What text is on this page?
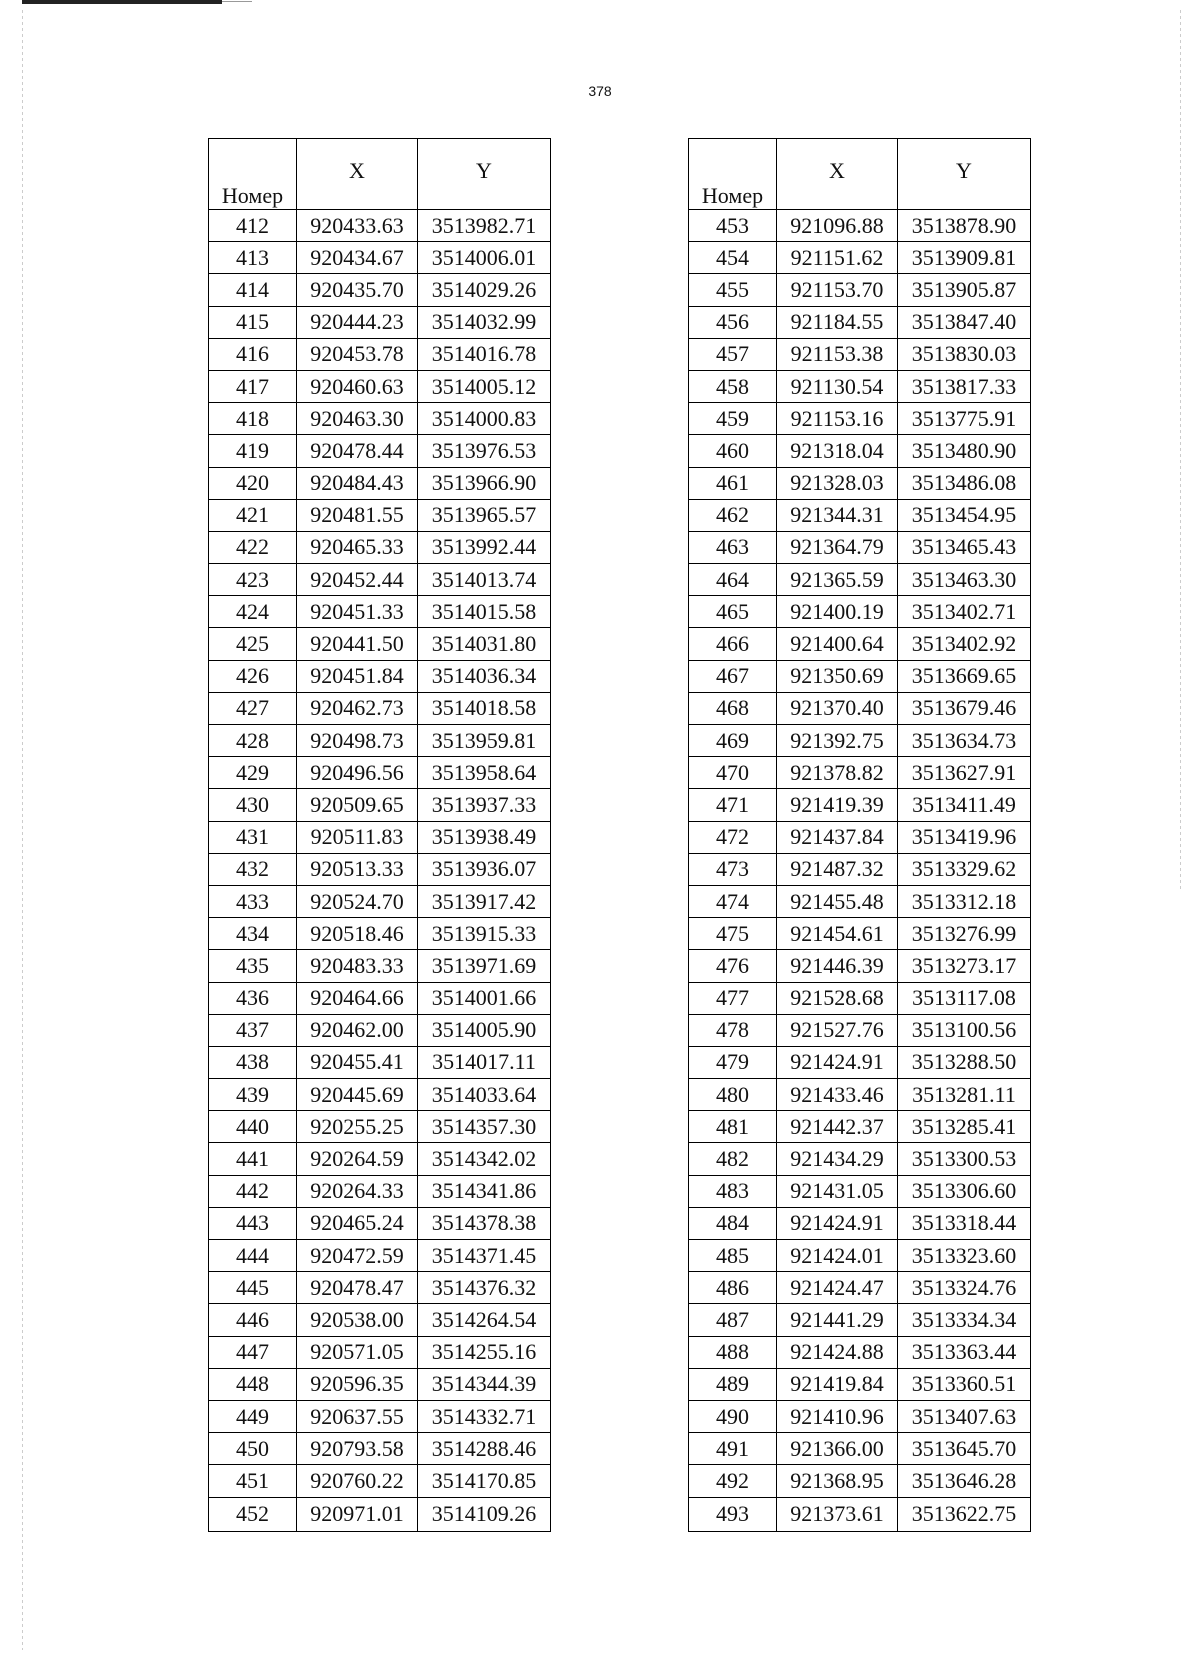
378
Номер	X	Y
412	920433.63	3513982.71
413	920434.67	3514006.01
414	920435.70	3514029.26
415	920444.23	3514032.99
416	920453.78	3514016.78
417	920460.63	3514005.12
418	920463.30	3514000.83
419	920478.44	3513976.53
420	920484.43	3513966.90
421	920481.55	3513965.57
422	920465.33	3513992.44
423	920452.44	3514013.74
424	920451.33	3514015.58
425	920441.50	3514031.80
426	920451.84	3514036.34
427	920462.73	3514018.58
428	920498.73	3513959.81
429	920496.56	3513958.64
430	920509.65	3513937.33
431	920511.83	3513938.49
432	920513.33	3513936.07
433	920524.70	3513917.42
434	920518.46	3513915.33
435	920483.33	3513971.69
436	920464.66	3514001.66
437	920462.00	3514005.90
438	920455.41	3514017.11
439	920445.69	3514033.64
440	920255.25	3514357.30
441	920264.59	3514342.02
442	920264.33	3514341.86
443	920465.24	3514378.38
444	920472.59	3514371.45
445	920478.47	3514376.32
446	920538.00	3514264.54
447	920571.05	3514255.16
448	920596.35	3514344.39
449	920637.55	3514332.71
450	920793.58	3514288.46
451	920760.22	3514170.85
452	920971.01	3514109.26
Номер	X	Y
453	921096.88	3513878.90
454	921151.62	3513909.81
455	921153.70	3513905.87
456	921184.55	3513847.40
457	921153.38	3513830.03
458	921130.54	3513817.33
459	921153.16	3513775.91
460	921318.04	3513480.90
461	921328.03	3513486.08
462	921344.31	3513454.95
463	921364.79	3513465.43
464	921365.59	3513463.30
465	921400.19	3513402.71
466	921400.64	3513402.92
467	921350.69	3513669.65
468	921370.40	3513679.46
469	921392.75	3513634.73
470	921378.82	3513627.91
471	921419.39	3513411.49
472	921437.84	3513419.96
473	921487.32	3513329.62
474	921455.48	3513312.18
475	921454.61	3513276.99
476	921446.39	3513273.17
477	921528.68	3513117.08
478	921527.76	3513100.56
479	921424.91	3513288.50
480	921433.46	3513281.11
481	921442.37	3513285.41
482	921434.29	3513300.53
483	921431.05	3513306.60
484	921424.91	3513318.44
485	921424.01	3513323.60
486	921424.47	3513324.76
487	921441.29	3513334.34
488	921424.88	3513363.44
489	921419.84	3513360.51
490	921410.96	3513407.63
491	921366.00	3513645.70
492	921368.95	3513646.28
493	921373.61	3513622.75
